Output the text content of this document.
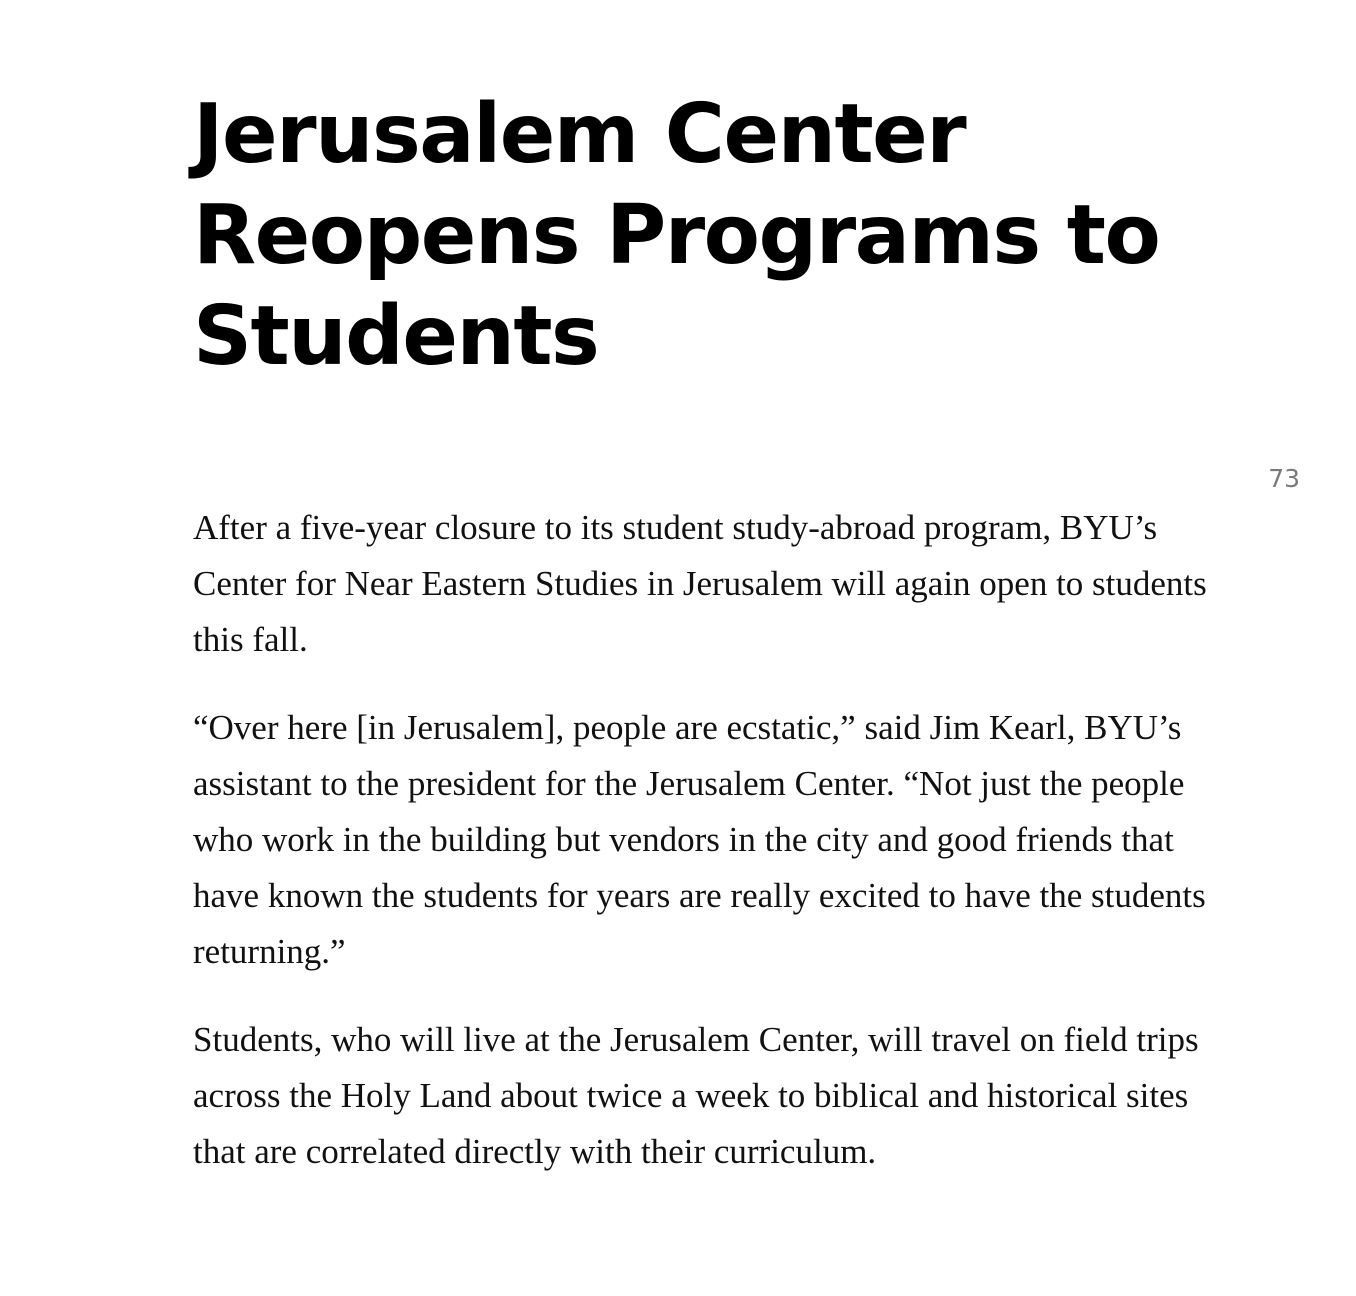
Jerusalem Center Reopens Programs to Students
73

After a five-year closure to its student study-abroad program, BYU’s Center for Near Eastern Studies in Jerusalem will again open to students this fall.

“Over here [in Jerusalem], people are ecstatic,” said Jim Kearl, BYU’s assistant to the president for the Jerusalem Center. “Not just the people who work in the building but vendors in the city and good friends that have known the students for years are really excited to have the students returning.”

Students, who will live at the Jerusalem Center, will travel on field trips across the Holy Land about twice a week to biblical and historical sites that are correlated directly with their curriculum.
